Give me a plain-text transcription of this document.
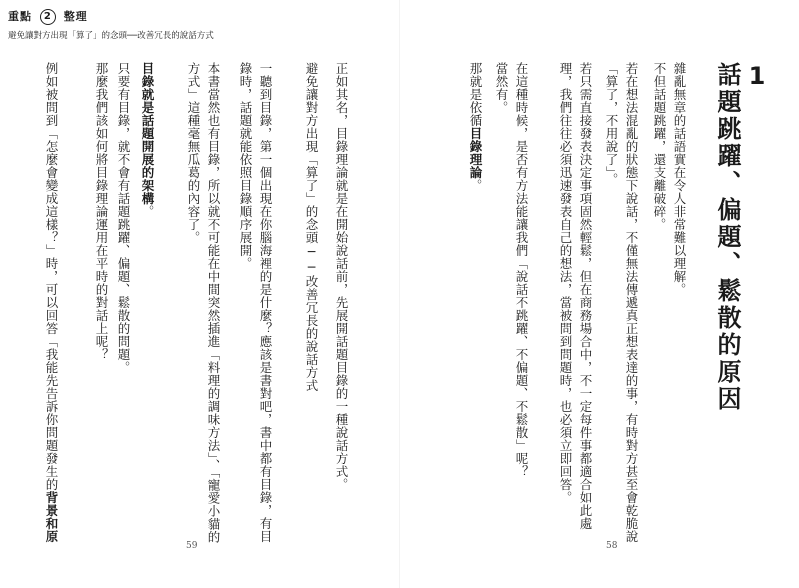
重點 2 整理
避免讓對方出現「算了」的念頭──改善冗長的說話方式
1
話題跳躍、偏題、鬆散的原因
雜亂無章的話語實在令人非常難以理解。
不但話題跳躍，還支離破碎。
若在想法混亂的狀態下說話，不僅無法傳遞真正想表達的事，有時對方甚至會乾脆說
「算了，不用說了」。
若只需直接發表決定事項固然輕鬆，但在商務場合中，不一定每件事都適合如此處
理，我們往往必須迅速發表自己的想法，當被問到問題時，也必須立即回答。
在這種時候，是否有方法能讓我們「說話不跳躍、不偏題、不鬆散」呢？
當然有。
那就是依循目錄理論。
58
正如其名，目錄理論就是在開始說話前，先展開話題目錄的一種說話方式。
避免讓對方出現「算了」的念頭──改善冗長的說話方式
一聽到目錄，第一個出現在你腦海裡的是什麼？應該是書對吧，書中都有目錄，有目
錄時，話題就能依照目錄順序展開。
本書當然也有目錄，所以就不可能在中間突然插進「料理的調味方法」、「寵愛小貓的
方式」這種毫無瓜葛的內容了。
目錄就是話題開展的架構。
只要有目錄，就不會有話題跳躍、偏題、鬆散的問題。
那麼我們該如何將目錄理論運用在平時的對話上呢？
例如被問到「怎麼會變成這樣？」時，可以回答「我能先告訴你問題發生的背景和原
59
